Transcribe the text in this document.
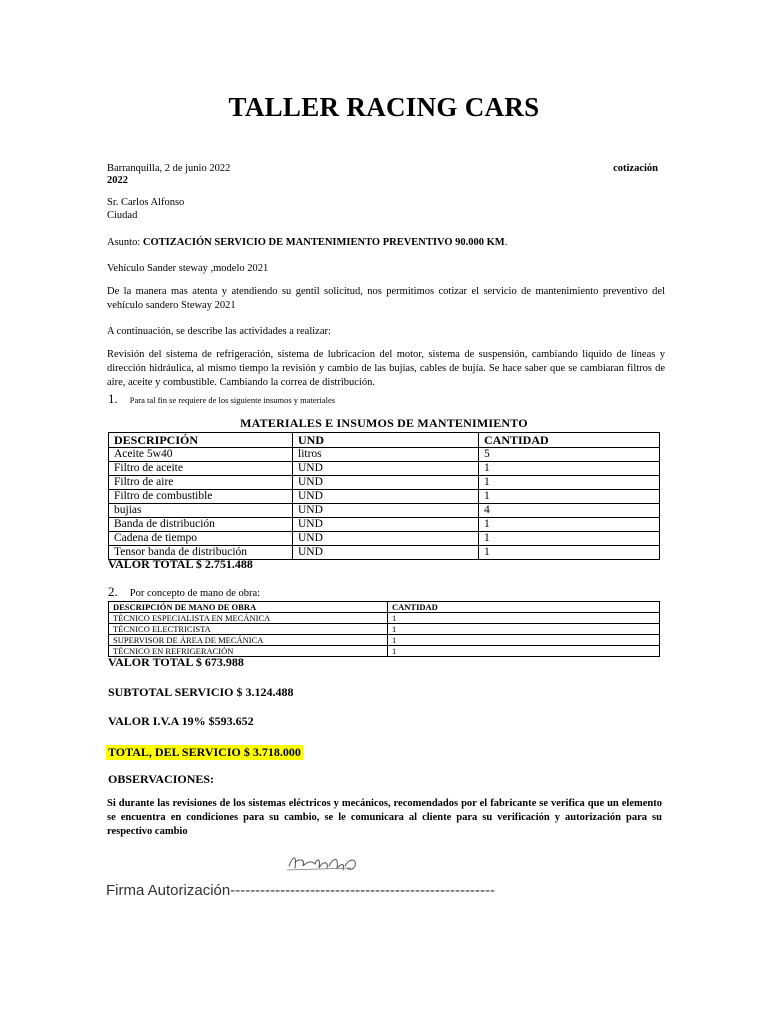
TALLER RACING CARS
Barranquilla, 2 de junio 2022	cotización
2022
Sr. Carlos Alfonso
Ciudad
Asunto: COTIZACIÓN SERVICIO DE MANTENIMIENTO PREVENTIVO 90.000 KM.
Vehículo Sander steway ,modelo 2021
De la manera mas atenta y atendiendo su gentil solicitud, nos permitimos cotizar el servicio de mantenimiento preventivo del vehículo sandero Steway 2021
A continuación, se describe las actividades a realizar:
Revisión del sistema de refrigeración, sistema de lubricacion del motor, sistema de suspensión, cambiando liquido de líneas y dirección hidráulica, al mismo tiempo la revisión y cambio de las bujías, cables de bujía. Se hace saber que se cambiaran filtros de aire, aceite y combustible. Cambiando la correa de distribución.
1. Para tal fin se requiere de los siguiente insumos y materiales
MATERIALES E INSUMOS DE MANTENIMIENTO
DESCRIPCIÓN	UND	CANTIDAD
Aceite 5w40	litros	5
Filtro de aceite	UND	1
Filtro de aire	UND	1
Filtro de combustible	UND	1
bujias	UND	4
Banda de distribución	UND	1
Cadena de tiempo	UND	1
Tensor banda de distribución	UND	1
VALOR TOTAL $ 2.751.488
2. Por concepto de mano de obra:
DESCRIPCIÓN DE MANO DE OBRA	CANTIDAD
TÉCNICO ESPECIALISTA EN MECÁNICA	1
TÉCNICO ELECTRICISTA	1
SUPERVISOR DE ÁREA DE MECÁNICA	1
TÉCNICO EN REFRIGERACIÓN	1
VALOR TOTAL $ 673.988
SUBTOTAL SERVICIO $ 3.124.488
VALOR I.V.A 19% $593.652
TOTAL, DEL SERVICIO $ 3.718.000
OBSERVACIONES:
Si durante las revisiones de los sistemas eléctricos y mecánicos, recomendados por el fabricante se verifica que un elemento se encuentra en condiciones para su cambio, se le comunicara al cliente para su verificación y autorización para su respectivo cambio
Firma Autorización-----------------------------------------------------
